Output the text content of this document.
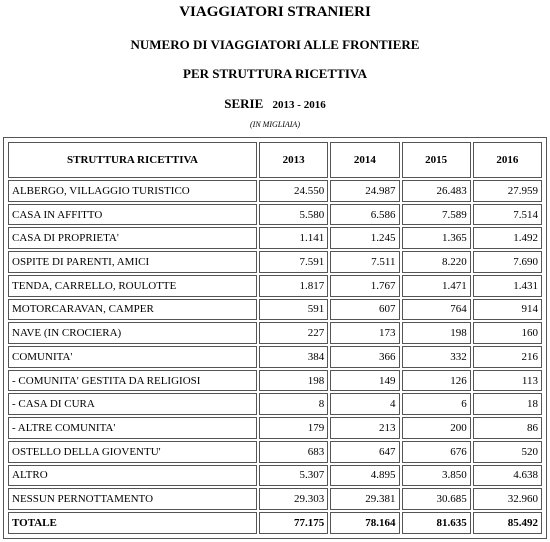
VIAGGIATORI STRANIERI
NUMERO DI VIAGGIATORI ALLE FRONTIERE
PER STRUTTURA RICETTIVA
SERIE 2013 - 2016
(IN MIGLIAIA)
STRUTTURA RICETTIVA	2013	2014	2015	2016
ALBERGO, VILLAGGIO TURISTICO	24.550	24.987	26.483	27.959
CASA IN AFFITTO	5.580	6.586	7.589	7.514
CASA DI PROPRIETA'	1.141	1.245	1.365	1.492
OSPITE DI PARENTI, AMICI	7.591	7.511	8.220	7.690
TENDA, CARRELLO, ROULOTTE	1.817	1.767	1.471	1.431
MOTORCARAVAN, CAMPER	591	607	764	914
NAVE (IN CROCIERA)	227	173	198	160
COMUNITA'	384	366	332	216
- COMUNITA' GESTITA DA RELIGIOSI	198	149	126	113
- CASA DI CURA	8	4	6	18
- ALTRE COMUNITA'	179	213	200	86
OSTELLO DELLA GIOVENTU'	683	647	676	520
ALTRO	5.307	4.895	3.850	4.638
NESSUN PERNOTTAMENTO	29.303	29.381	30.685	32.960
TOTALE	77.175	78.164	81.635	85.492
